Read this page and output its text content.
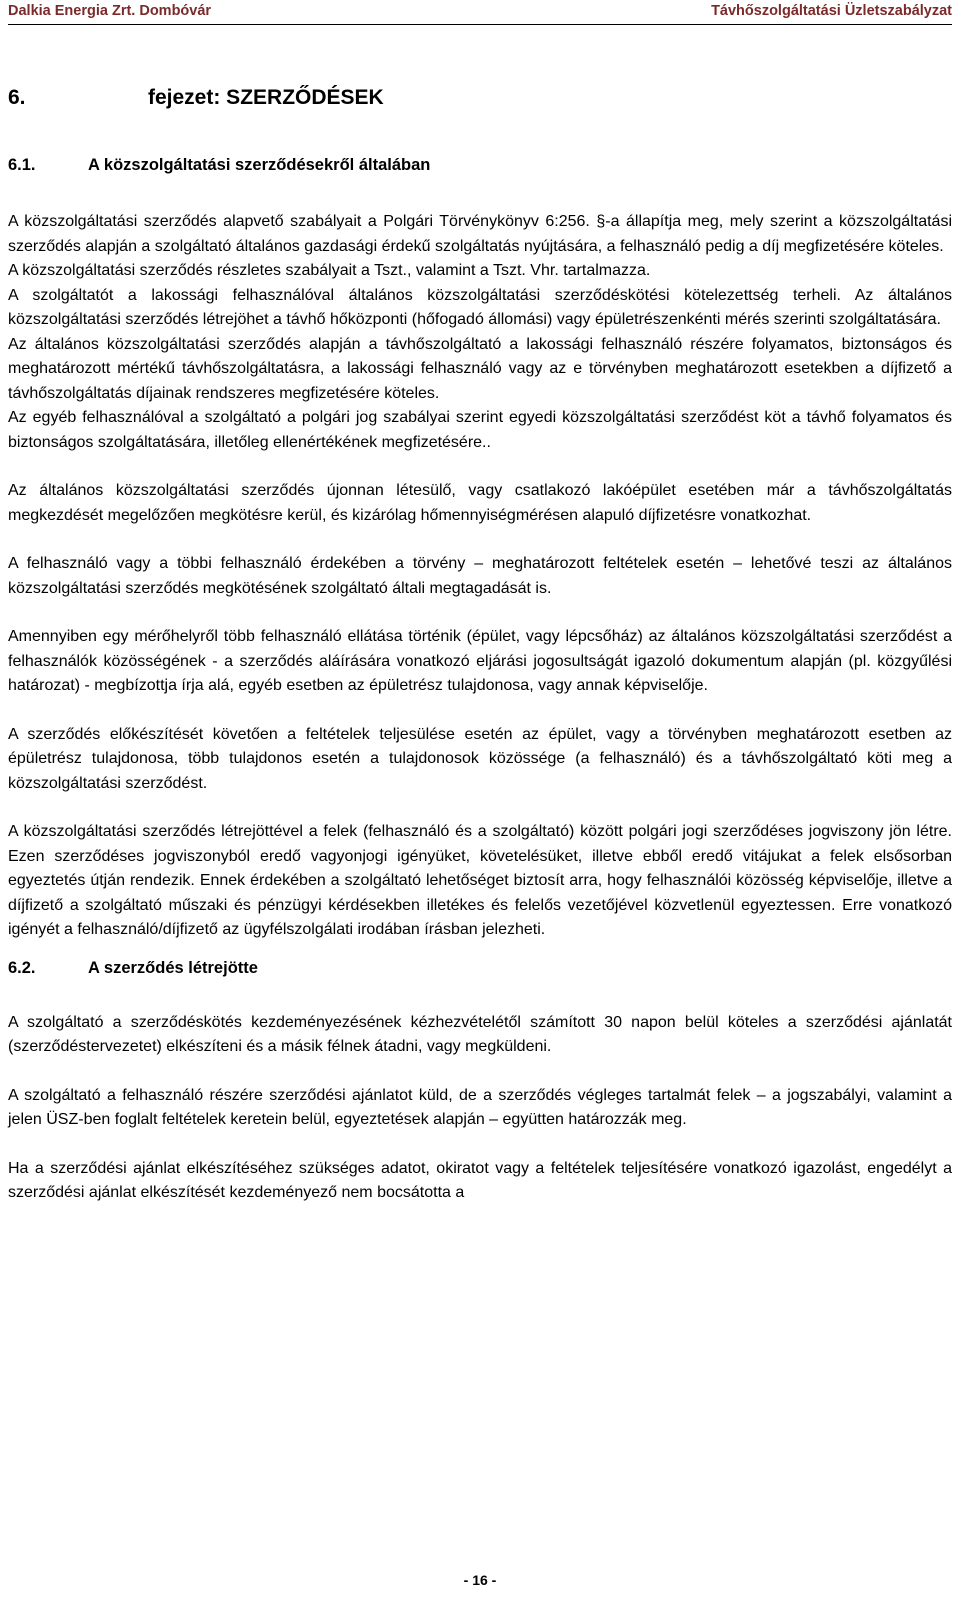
Dalkia Energia Zrt. Dombóvár	Távhőszolgáltatási Üzletszabályzat
6.	fejezet: SZERZŐDÉSEK
6.1.	A közszolgáltatási szerződésekről általában

A közszolgáltatási szerződés alapvető szabályait a Polgári Törvénykönyv 6:256. §-a állapítja meg, mely szerint a közszolgáltatási szerződés alapján a szolgáltató általános gazdasági érdekű szolgáltatás nyújtására, a felhasználó pedig a díj megfizetésére köteles.

A közszolgáltatási szerződés részletes szabályait a Tszt., valamint a Tszt. Vhr. tartalmazza.

A szolgáltatót a lakossági felhasználóval általános közszolgáltatási szerződéskötési kötelezettség terheli. Az általános közszolgáltatási szerződés létrejöhet a távhő hőközponti (hőfogadó állomási) vagy épületrészenkénti mérés szerinti szolgáltatására.

Az általános közszolgáltatási szerződés alapján a távhőszolgáltató a lakossági felhasználó részére folyamatos, biztonságos és meghatározott mértékű távhőszolgáltatásra, a lakossági felhasználó vagy az e törvényben meghatározott esetekben a díjfizető a távhőszolgáltatás díjainak rendszeres megfizetésére köteles.

Az egyéb felhasználóval a szolgáltató a polgári jog szabályai szerint egyedi közszolgáltatási szerződést köt a távhő folyamatos és biztonságos szolgáltatására, illetőleg ellenértékének megfizetésére..

Az általános közszolgáltatási szerződés újonnan létesülő, vagy csatlakozó lakóépület esetében már a távhőszolgáltatás megkezdését megelőzően megkötésre kerül, és kizárólag hőmennyiségmérésen alapuló díjfizetésre vonatkozhat.

A felhasználó vagy a többi felhasználó érdekében a törvény – meghatározott feltételek esetén – lehetővé teszi az általános közszolgáltatási szerződés megkötésének szolgáltató általi megtagadását is.

Amennyiben egy mérőhelyről több felhasználó ellátása történik (épület, vagy lépcsőház) az általános közszolgáltatási szerződést a felhasználók közösségének - a szerződés aláírására vonatkozó eljárási jogosultságát igazoló dokumentum alapján (pl. közgyűlési határozat) - megbízottja írja alá, egyéb esetben az épületrész tulajdonosa, vagy annak képviselője.

A szerződés előkészítését követően a feltételek teljesülése esetén az épület, vagy a törvényben meghatározott esetben az épületrész tulajdonosa, több tulajdonos esetén a tulajdonosok közössége (a felhasználó) és a távhőszolgáltató köti meg a közszolgáltatási szerződést.

A közszolgáltatási szerződés létrejöttével a felek (felhasználó és a szolgáltató) között polgári jogi szerződéses jogviszony jön létre. Ezen szerződéses jogviszonyból eredő vagyonjogi igényüket, követelésüket, illetve ebből eredő vitájukat a felek elsősorban egyeztetés útján rendezik. Ennek érdekében a szolgáltató lehetőséget biztosít arra, hogy felhasználói közösség képviselője, illetve a díjfizető a szolgáltató műszaki és pénzügyi kérdésekben illetékes és felelős vezetőjével közvetlenül egyeztessen. Erre vonatkozó igényét a felhasználó/díjfizető az ügyfélszolgálati irodában írásban jelezheti.

6.2.	A szerződés létrejötte

A szolgáltató a szerződéskötés kezdeményezésének kézhezvételétől számított 30 napon belül köteles a szerződési ajánlatát (szerződéstervezetet) elkészíteni és a másik félnek átadni, vagy megküldeni.

A szolgáltató a felhasználó részére szerződési ajánlatot küld, de a szerződés végleges tartalmát felek – a jogszabályi, valamint a jelen ÜSZ-ben foglalt feltételek keretein belül, egyeztetések alapján – együtten határozzák meg.

Ha a szerződési ajánlat elkészítéséhez szükséges adatot, okiratot vagy a feltételek teljesítésére vonatkozó igazolást, engedélyt a szerződési ajánlat elkészítését kezdeményező nem bocsátotta a

- 16 -
